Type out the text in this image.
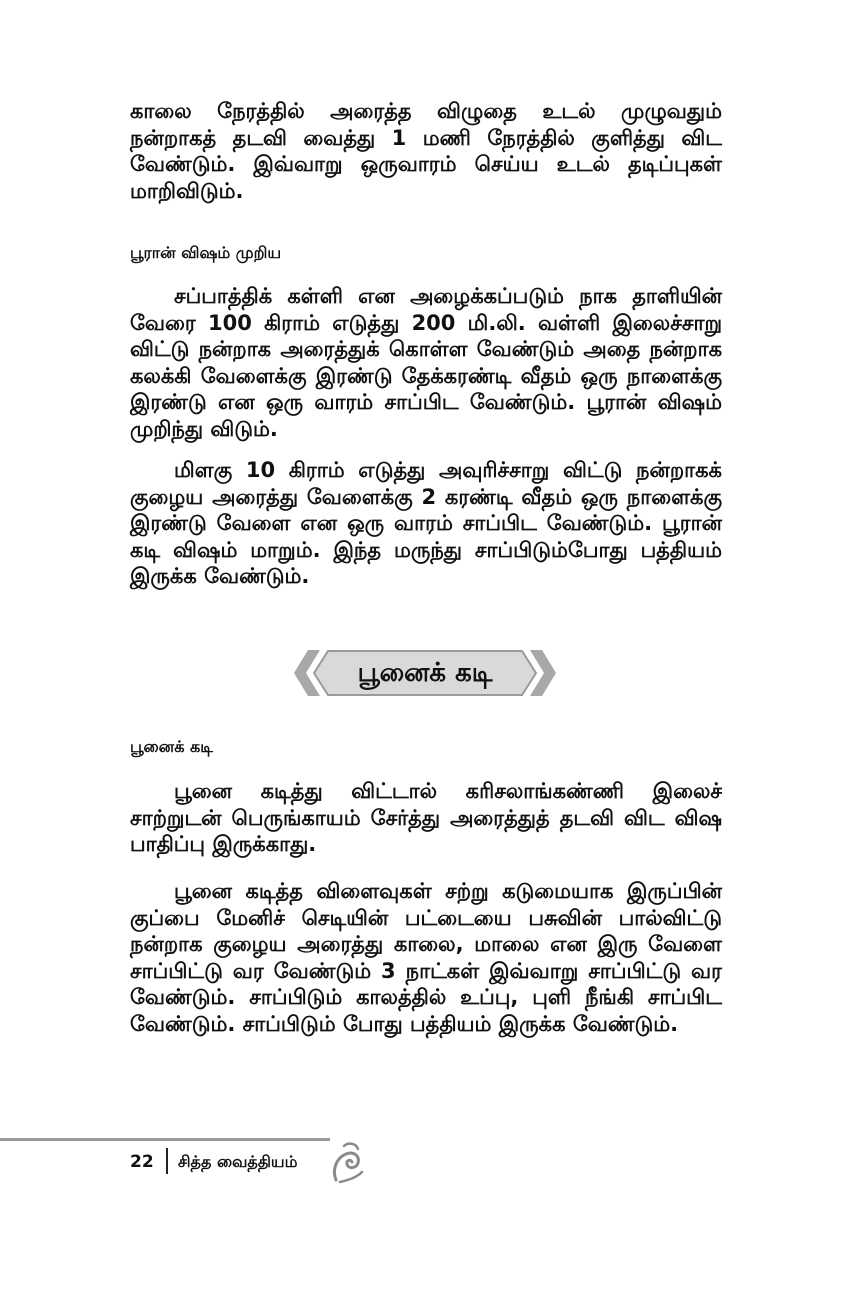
காலை நேரத்தில் அரைத்த விழுதை உடல் முழுவதும் நன்றாகத் தடவி வைத்து 1 மணி நேரத்தில் குளித்து விட வேண்டும். இவ்வாறு ஒருவாரம் செய்ய உடல் தடிப்புகள் மாறிவிடும்.

பூரான் விஷம் முறிய

சப்பாத்திக் கள்ளி என அழைக்கப்படும் நாக தாளியின் வேரை 100 கிராம் எடுத்து 200 மி.லி. வள்ளி இலைச்சாறு விட்டு நன்றாக அரைத்துக் கொள்ள வேண்டும் அதை நன்றாக கலக்கி வேளைக்கு இரண்டு தேக்கரண்டி வீதம் ஒரு நாளைக்கு இரண்டு என ஒரு வாரம் சாப்பிட வேண்டும். பூரான் விஷம் முறிந்து விடும்.

மிளகு 10 கிராம் எடுத்து அவுரிச்சாறு விட்டு நன்றாகக் குழைய அரைத்து வேளைக்கு 2 கரண்டி வீதம் ஒரு நாளைக்கு இரண்டு வேளை என ஒரு வாரம் சாப்பிட வேண்டும். பூரான் கடி விஷம் மாறும். இந்த மருந்து சாப்பிடும்போது பத்தியம் இருக்க வேண்டும்.

பூனைக் கடி
பூனைக் கடி

பூனை கடித்து விட்டால் கரிசலாங்கண்ணி இலைச் சாற்றுடன் பெருங்காயம் சேர்த்து அரைத்துத் தடவி விட விஷ பாதிப்பு இருக்காது.

பூனை கடித்த விளைவுகள் சற்று கடுமையாக இருப்பின் குப்பை மேனிச் செடியின் பட்டையை பசுவின் பால்விட்டு நன்றாக குழைய அரைத்து காலை, மாலை என இரு வேளை சாப்பிட்டு வர வேண்டும் 3 நாட்கள் இவ்வாறு சாப்பிட்டு வர வேண்டும். சாப்பிடும் காலத்தில் உப்பு, புளி நீங்கி சாப்பிட வேண்டும். சாப்பிடும் போது பத்தியம் இருக்க வேண்டும்.

22 சித்த வைத்தியம்
